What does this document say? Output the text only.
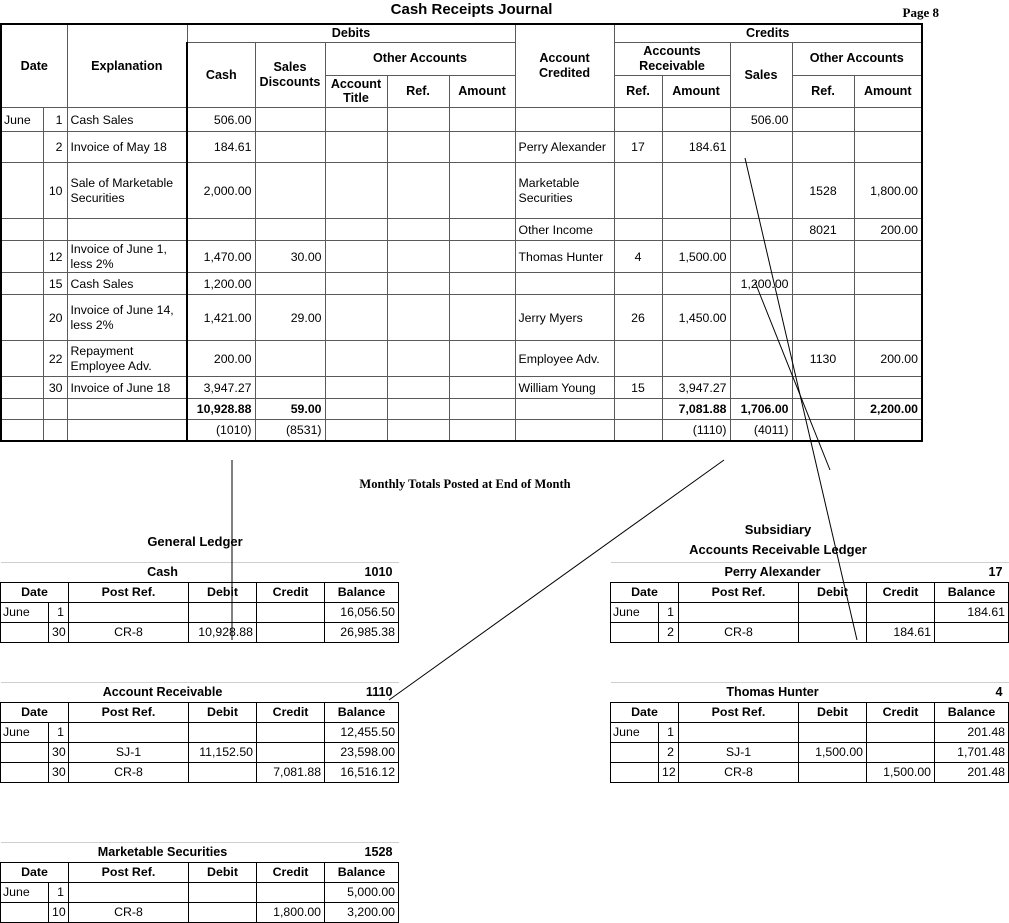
Cash Receipts Journal	Page 8
Date		Explanation	Debits					Account Credited	Credits				
			Cash	Sales Discounts	Other Accounts				Accounts Receivable		Sales	Other Accounts	
					Account Title	Ref.	Amount		Ref.	Amount		Ref.	Amount
June	1	Cash Sales	506.00								506.00		
	2	Invoice of May 18	184.61					Perry Alexander	17	184.61			
	10	Sale of Marketable Securities	2,000.00					Marketable Securities				1528	1,800.00
								Other Income				8021	200.00
	12	Invoice of June 1, less 2%	1,470.00	30.00				Thomas Hunter	4	1,500.00			
	15	Cash Sales	1,200.00								1,200.00		
	20	Invoice of June 14, less 2%	1,421.00	29.00				Jerry Myers	26	1,450.00			
	22	Repayment Employee Adv.	200.00					Employee Adv.				1130	200.00
	30	Invoice of June 18	3,947.27					William Young	15	3,947.27			
			10,928.88	59.00						7,081.88	1,706.00		2,200.00
			(1010)	(8531)						(1110)	(4011)		
Monthly Totals Posted at End of Month
General Ledger
Subsidiary
Accounts Receivable Ledger
Cash					1010
Date		Post Ref.	Debit	Credit	Balance
June	1				16,056.50
	30	CR-8	10,928.88		26,985.38
Account Receivable					1110
Date		Post Ref.	Debit	Credit	Balance
June	1				12,455.50
	30	SJ-1	11,152.50		23,598.00
	30	CR-8		7,081.88	16,516.12
Marketable Securities					1528
Date		Post Ref.	Debit	Credit	Balance
June	1				5,000.00
	10	CR-8		1,800.00	3,200.00
Perry Alexander					17
Date		Post Ref.	Debit	Credit	Balance
June	1				184.61
	2	CR-8		184.61	
Thomas Hunter					4
Date		Post Ref.	Debit	Credit	Balance
June	1				201.48
	2	SJ-1	1,500.00		1,701.48
	12	CR-8		1,500.00	201.48
